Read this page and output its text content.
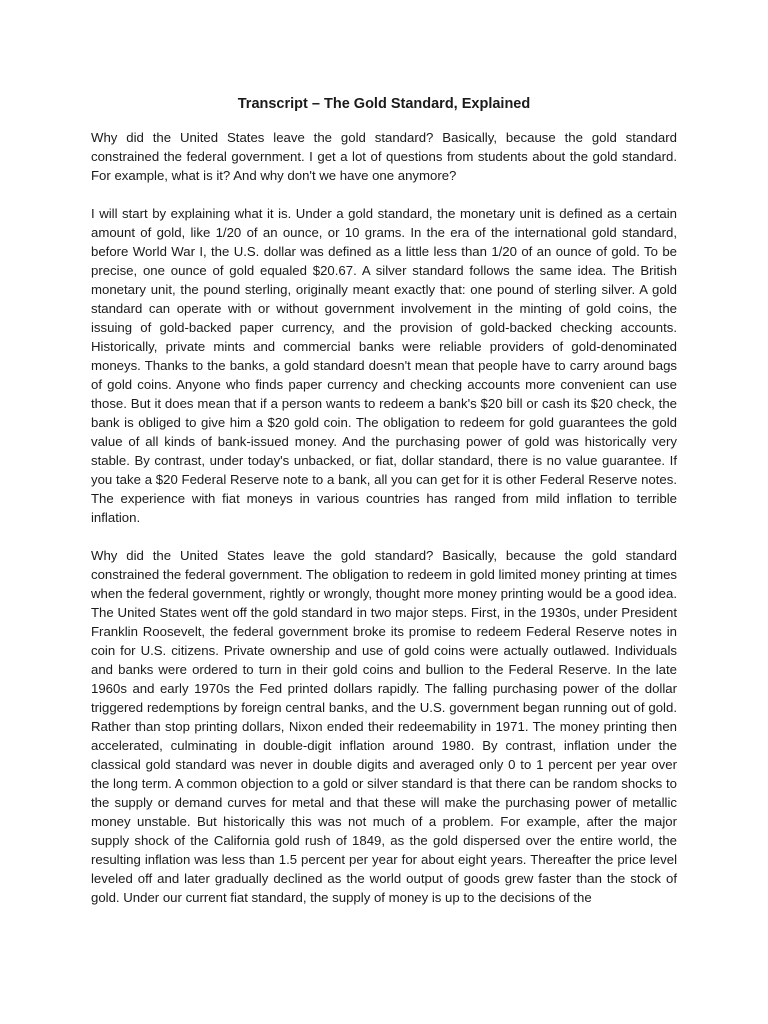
Transcript – The Gold Standard, Explained

Why did the United States leave the gold standard? Basically, because the gold standard constrained the federal government. I get a lot of questions from students about the gold standard. For example, what is it? And why don't we have one anymore?

I will start by explaining what it is. Under a gold standard, the monetary unit is defined as a certain amount of gold, like 1/20 of an ounce, or 10 grams. In the era of the international gold standard, before World War I, the U.S. dollar was defined as a little less than 1/20 of an ounce of gold. To be precise, one ounce of gold equaled $20.67. A silver standard follows the same idea. The British monetary unit, the pound sterling, originally meant exactly that: one pound of sterling silver. A gold standard can operate with or without government involvement in the minting of gold coins, the issuing of gold-backed paper currency, and the provision of gold-backed checking accounts. Historically, private mints and commercial banks were reliable providers of gold-denominated moneys. Thanks to the banks, a gold standard doesn't mean that people have to carry around bags of gold coins. Anyone who finds paper currency and checking accounts more convenient can use those. But it does mean that if a person wants to redeem a bank's $20 bill or cash its $20 check, the bank is obliged to give him a $20 gold coin. The obligation to redeem for gold guarantees the gold value of all kinds of bank-issued money. And the purchasing power of gold was historically very stable. By contrast, under today's unbacked, or fiat, dollar standard, there is no value guarantee. If you take a $20 Federal Reserve note to a bank, all you can get for it is other Federal Reserve notes. The experience with fiat moneys in various countries has ranged from mild inflation to terrible inflation.

Why did the United States leave the gold standard? Basically, because the gold standard constrained the federal government. The obligation to redeem in gold limited money printing at times when the federal government, rightly or wrongly, thought more money printing would be a good idea. The United States went off the gold standard in two major steps. First, in the 1930s, under President Franklin Roosevelt, the federal government broke its promise to redeem Federal Reserve notes in coin for U.S. citizens. Private ownership and use of gold coins were actually outlawed. Individuals and banks were ordered to turn in their gold coins and bullion to the Federal Reserve. In the late 1960s and early 1970s the Fed printed dollars rapidly. The falling purchasing power of the dollar triggered redemptions by foreign central banks, and the U.S. government began running out of gold. Rather than stop printing dollars, Nixon ended their redeemability in 1971. The money printing then accelerated, culminating in double-digit inflation around 1980. By contrast, inflation under the classical gold standard was never in double digits and averaged only 0 to 1 percent per year over the long term. A common objection to a gold or silver standard is that there can be random shocks to the supply or demand curves for metal and that these will make the purchasing power of metallic money unstable. But historically this was not much of a problem. For example, after the major supply shock of the California gold rush of 1849, as the gold dispersed over the entire world, the resulting inflation was less than 1.5 percent per year for about eight years. Thereafter the price level leveled off and later gradually declined as the world output of goods grew faster than the stock of gold. Under our current fiat standard, the supply of money is up to the decisions of the
